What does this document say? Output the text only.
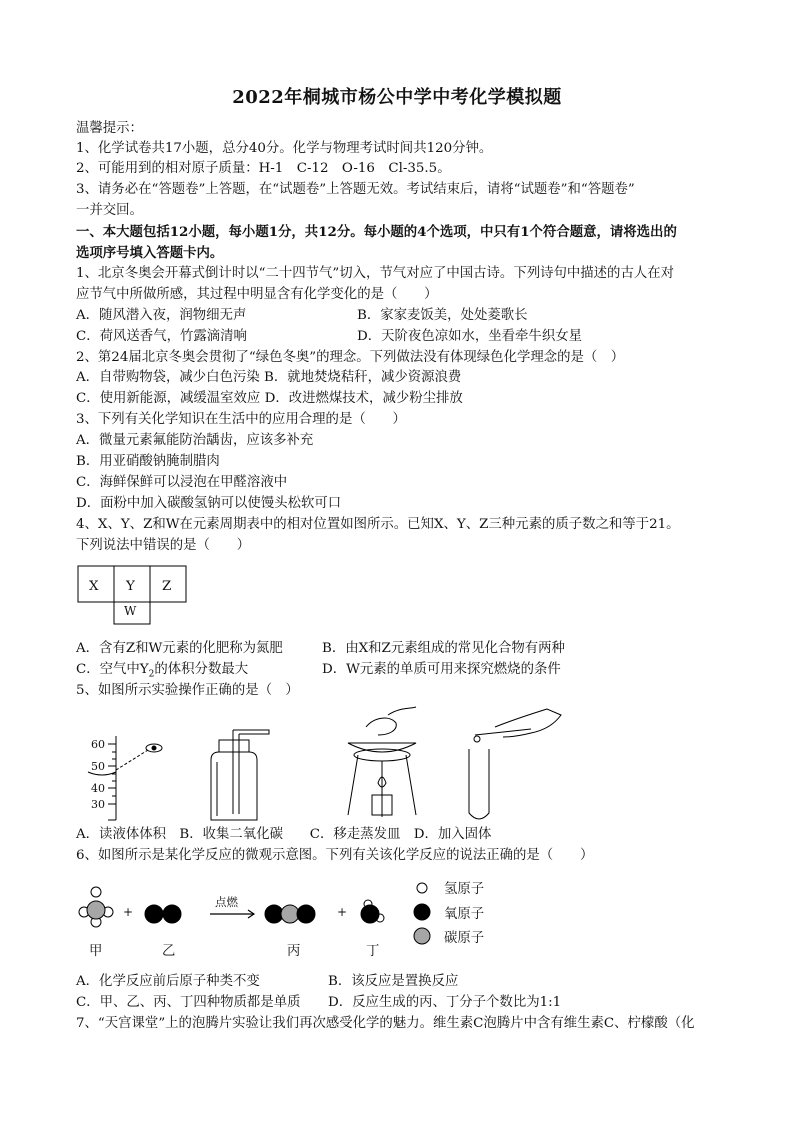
2022年桐城市杨公中学中考化学模拟题
温馨提示：
1、化学试卷共17小题，总分40分。化学与物理考试时间共120分钟。
2、可能用到的相对原子质量：H-1　C-12　O-16　Cl-35.5。
3、请务必在“答题卷”上答题，在“试题卷”上答题无效。考试结束后，请将“试题卷”和“答题卷”
一并交回。
一、本大题包括12小题，每小题1分，共12分。每小题的4个选项，中只有1个符合题意，请将选出的
选项序号填入答题卡内。
1、北京冬奥会开幕式倒计时以“二十四节气”切入，节气对应了中国古诗。下列诗句中描述的古人在对
应节气中所做所感，其过程中明显含有化学变化的是（　　）
A．随风潜入夜，润物细无声	B．家家麦饭美，处处菱歌长
C．荷风送香气，竹露滴清响	D．天阶夜色凉如水，坐看牵牛织女星
2、第24届北京冬奥会贯彻了“绿色冬奥”的理念。下列做法没有体现绿色化学理念的是（　）
A．自带购物袋，减少白色污染 B．就地焚烧秸秆，减少资源浪费
C．使用新能源，减缓温室效应 D．改进燃煤技术，减少粉尘排放
3、下列有关化学知识在生活中的应用合理的是（　　）
A．微量元素氟能防治龋齿，应该多补充
B．用亚硝酸钠腌制腊肉
C．海鲜保鲜可以浸泡在甲醛溶液中
D．面粉中加入碳酸氢钠可以使馒头松软可口
4、X、Y、Z和W在元素周期表中的相对位置如图所示。已知X、Y、Z三种元素的质子数之和等于21。
下列说法中错误的是（　　）
X Y Z
W
A．含有Z和W元素的化肥称为氮肥	B．由X和Z元素组成的常见化合物有两种
C．空气中$Y_2$的体积分数最大	D．W元素的单质可用来探究燃烧的条件
5、如图所示实验操作正确的是（　）
60
50
40
30
A．读液体体积　B．收集二氧化碳　　C．移走蒸发皿　D．加入固体
6、如图所示是某化学反应的微观示意图。下列有关该化学反应的说法正确的是（　　）
+	+
点燃
甲	乙	丙	丁
氢原子
氧原子
碳原子
A．化学反应前后原子种类不变	B．该反应是置换反应
C．甲、乙、丙、丁四种物质都是单质 D．反应生成的丙、丁分子个数比为1:1
7、“天宫课堂”上的泡腾片实验让我们再次感受化学的魅力。维生素C泡腾片中含有维生素C、柠檬酸（化
